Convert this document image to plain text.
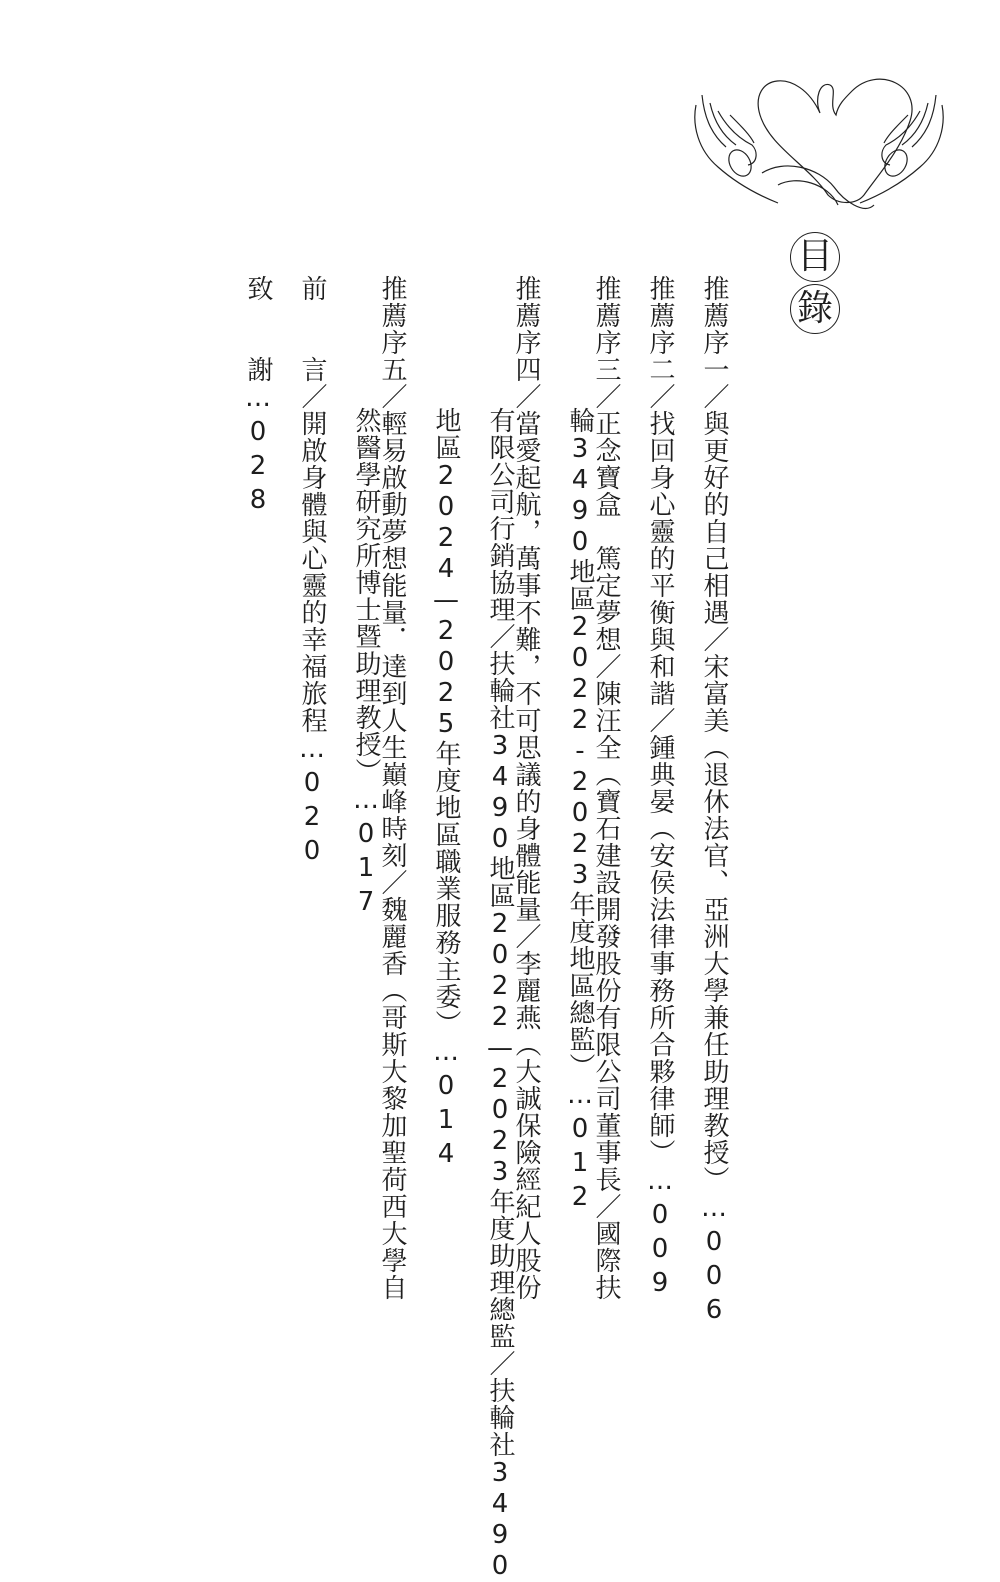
目
錄
推薦序一／與更好的自己相遇／宋富美（退休法官、亞洲大學兼任助理教授）…006
推薦序二／找回身心靈的平衡與和諧／鍾典晏（安侯法律事務所合夥律師）…009
推薦序三／正念寶盒　篤定夢想／陳汪全（寶石建設開發股份有限公司董事長／國際扶
輪3490地區2022-2023年度地區總監）…012
推薦序四／當愛起航，萬事不難，不可思議的身體能量／李麗燕（大誠保險經紀人股份
有限公司行銷協理／扶輪社3490地區2022—2023年度助理總監／扶輪社3490
地區2024—2025年度地區職業服務主委）…014
推薦序五／輕易啟動夢想能量．達到人生巔峰時刻／魏麗香（哥斯大黎加聖荷西大學自
然醫學研究所博士暨助理教授）…017
前　　言／開啟身體與心靈的幸福旅程…020
致　　謝…028
